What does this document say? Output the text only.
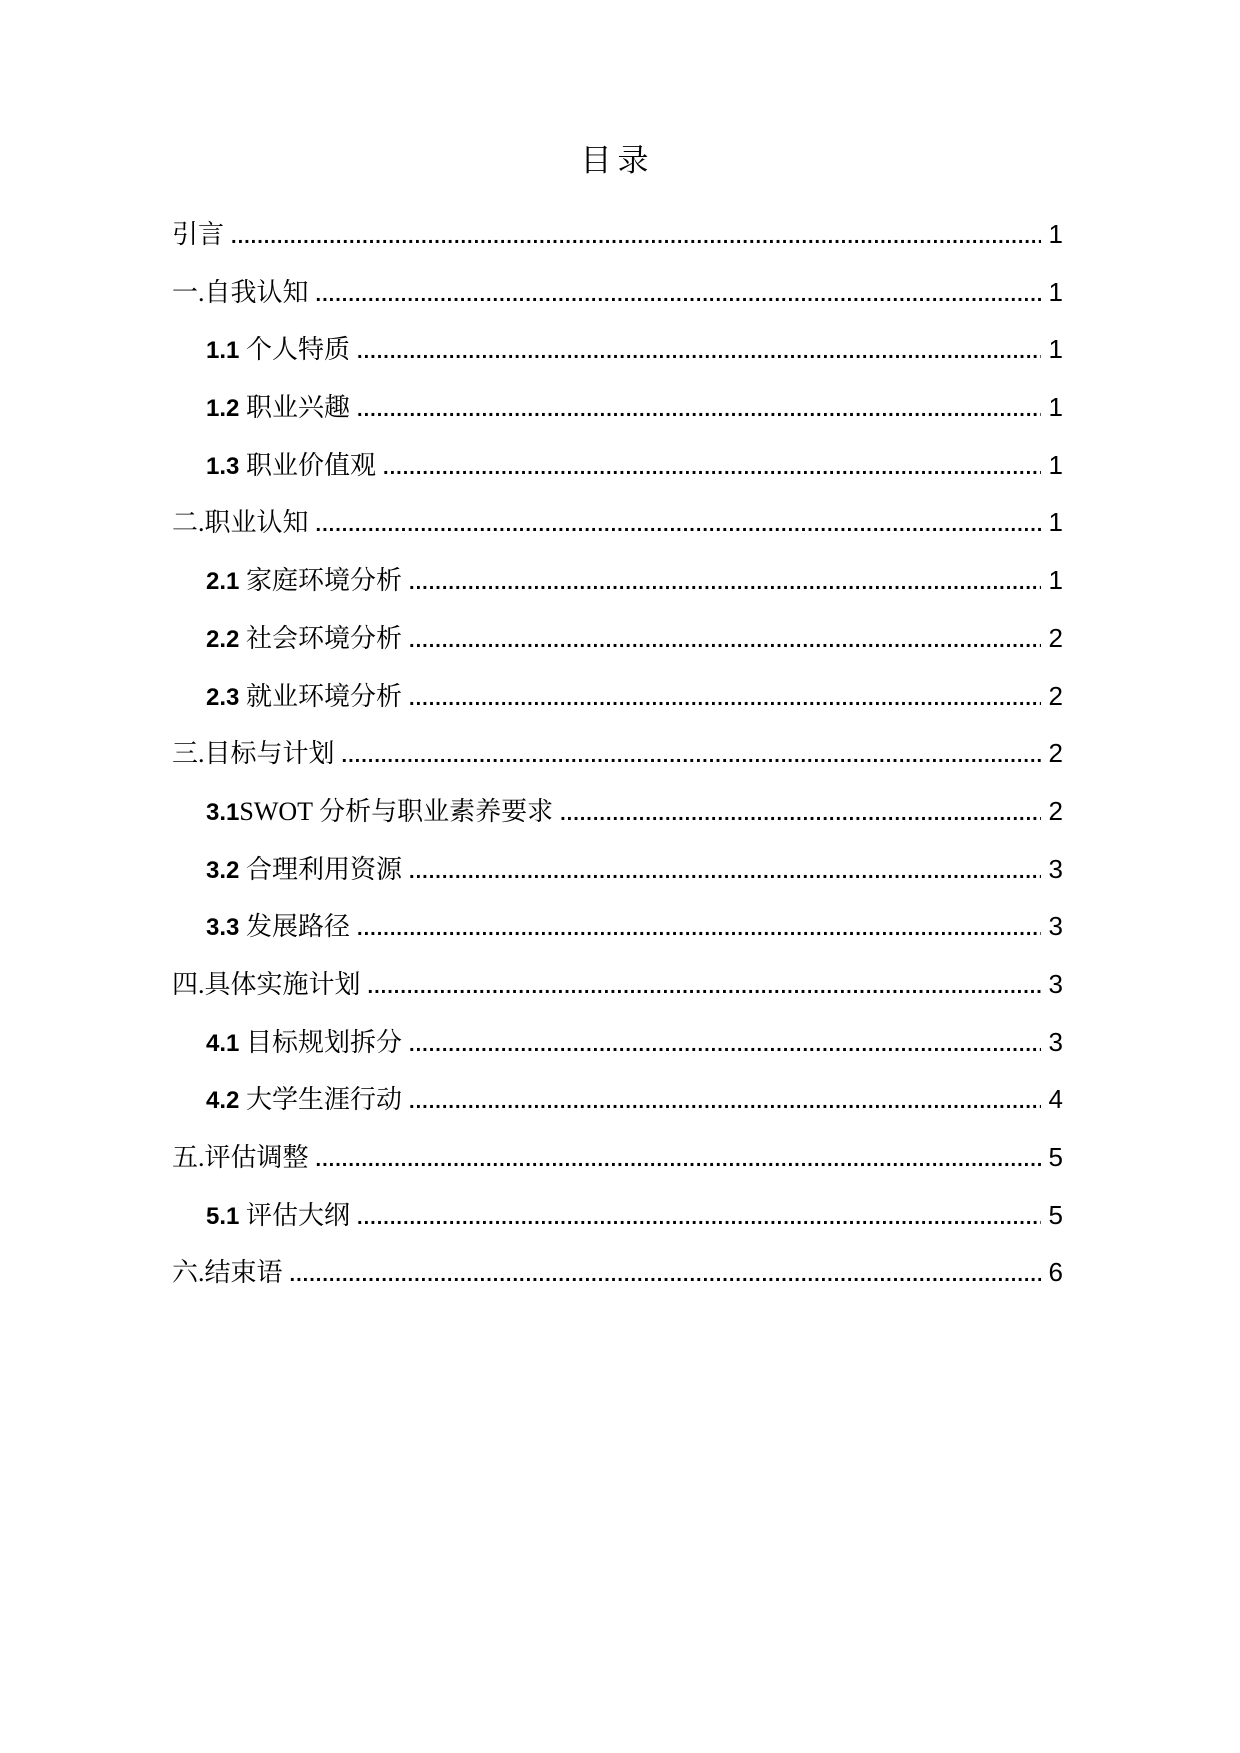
目录
引言 .....	1
一. 自我认知 .....	1
1.1 个人特质 .....	1
1.2 职业兴趣 .....	1
1.3 职业价值观 .....	1
二. 职业认知 .....	1
2.1 家庭环境分析 .....	1
2.2 社会环境分析 .....	2
2.3 就业环境分析 .....	2
三. 目标与计划 .....	2
3.1 SWOT 分析与职业素养要求 .....	2
3.2 合理利用资源 .....	3
3.3 发展路径 .....	3
四. 具体实施计划 .....	3
4.1 目标规划拆分 .....	3
4.2 大学生涯行动 .....	4
五. 评估调整 .....	5
5.1 评估大纲 .....	5
六. 结束语 .....	6
